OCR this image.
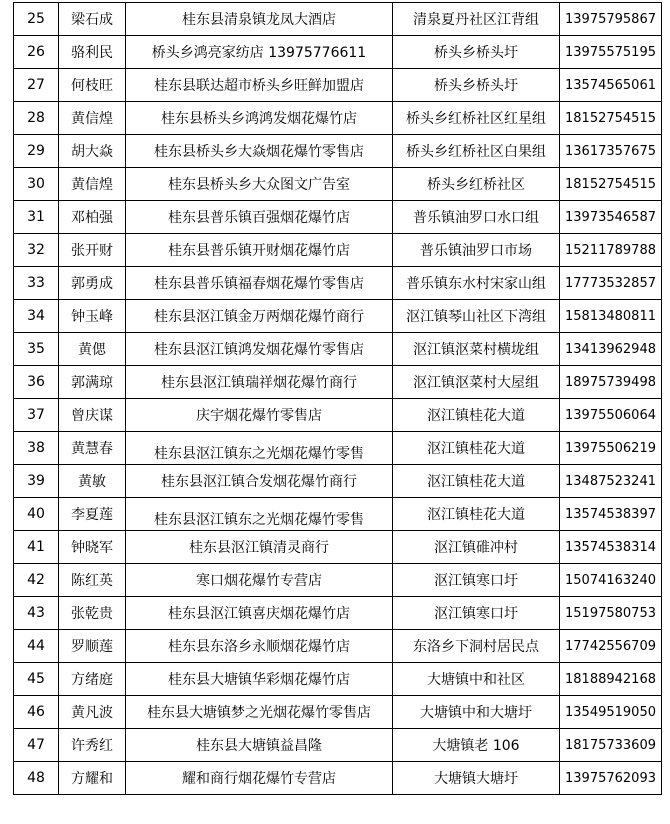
25	梁石成	桂东县清泉镇龙凤大酒店	清泉夏丹社区江背组	13975795867
26	骆利民	桥头乡鸿亮家纺店 13975776611	桥头乡桥头圩	13975575195
27	何枝旺	桂东县联达超市桥头乡旺鲜加盟店	桥头乡桥头圩	13574565061
28	黄信煌	桂东县桥头乡鸿鸿发烟花爆竹店	桥头乡红桥社区红星组	18152754515
29	胡大焱	桂东县桥头乡大焱烟花爆竹零售店	桥头乡红桥社区白果组	13617357675
30	黄信煌	桂东县桥头乡大众图文广告室	桥头乡红桥社区	18152754515
31	邓柏强	桂东县普乐镇百强烟花爆竹店	普乐镇油罗口水口组	13973546587
32	张开财	桂东县普乐镇开财烟花爆竹店	普乐镇油罗口市场	15211789788
33	郭勇成	桂东县普乐镇福春烟花爆竹零售店	普乐镇东水村宋家山组	17773532857
34	钟玉峰	桂东县沤江镇金万两烟花爆竹商行	沤江镇琴山社区下湾组	15813480811
35	黄偲	桂东县沤江镇鸿发烟花爆竹零售店	沤江镇沤菜村横垅组	13413962948
36	郭满琼	桂东县沤江镇瑞祥烟花爆竹商行	沤江镇沤菜村大屋组	18975739498
37	曾庆谋	庆宇烟花爆竹零售店	沤江镇桂花大道	13975506064
38	黄慧春	桂东县沤江镇东之光烟花爆竹零售	沤江镇桂花大道	13975506219
39	黄敏	桂东县沤江镇合发烟花爆竹商行	沤江镇桂花大道	13487523241
40	李夏莲	桂东县沤江镇东之光烟花爆竹零售	沤江镇桂花大道	13574538397
41	钟晓军	桂东县沤江镇清灵商行	沤江镇碓冲村	13574538314
42	陈红英	寒口烟花爆竹专营店	沤江镇寒口圩	15074163240
43	张乾贵	桂东县沤江镇喜庆烟花爆竹店	沤江镇寒口圩	15197580753
44	罗顺莲	桂东县东洛乡永顺烟花爆竹店	东洛乡下洞村居民点	17742556709
45	方绪庭	桂东县大塘镇华彩烟花爆竹店	大塘镇中和社区	18188942168
46	黄凡波	桂东县大塘镇梦之光烟花爆竹零售店	大塘镇中和大塘圩	13549519050
47	许秀红	桂东县大塘镇益昌隆	大塘镇老 106	18175733609
48	方耀和	耀和商行烟花爆竹专营店	大塘镇大塘圩	13975762093
